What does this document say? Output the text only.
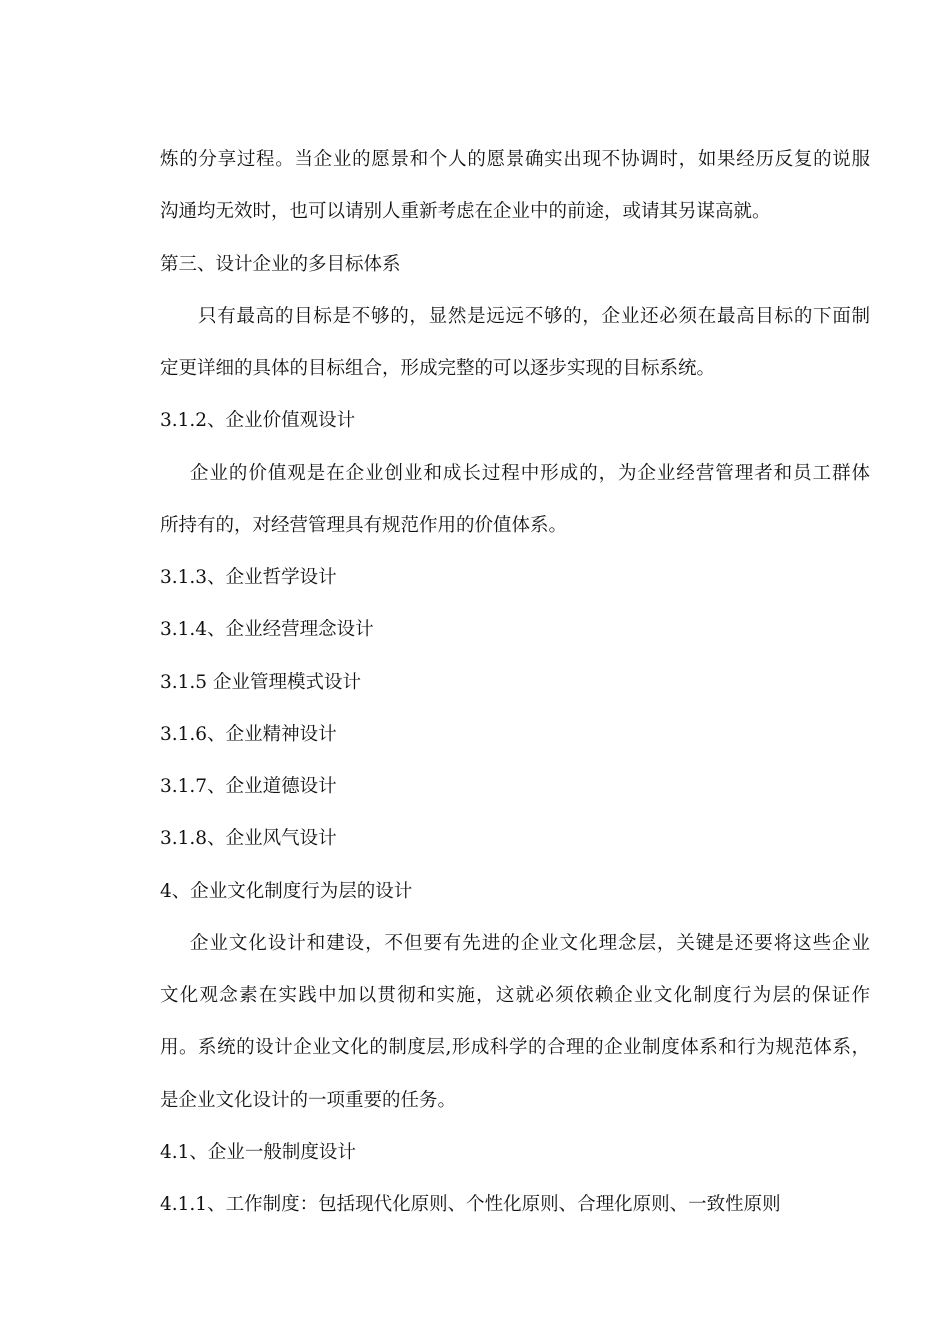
炼的分享过程。当企业的愿景和个人的愿景确实出现不协调时，如果经历反复的说服
沟通均无效时，也可以请别人重新考虑在企业中的前途，或请其另谋高就。
第三、设计企业的多目标体系
只有最高的目标是不够的，显然是远远不够的，企业还必须在最高目标的下面制
定更详细的具体的目标组合，形成完整的可以逐步实现的目标系统。
3.1.2、企业价值观设计
企业的价值观是在企业创业和成长过程中形成的，为企业经营管理者和员工群体
所持有的，对经营管理具有规范作用的价值体系。
3.1.3、企业哲学设计
3.1.4、企业经营理念设计
3.1.5 企业管理模式设计
3.1.6、企业精神设计
3.1.7、企业道德设计
3.1.8、企业风气设计
4、企业文化制度行为层的设计
企业文化设计和建设，不但要有先进的企业文化理念层，关键是还要将这些企业
文化观念素在实践中加以贯彻和实施，这就必须依赖企业文化制度行为层的保证作
用。系统的设计企业文化的制度层,形成科学的合理的企业制度体系和行为规范体系，
是企业文化设计的一项重要的任务。
4.1、企业一般制度设计
4.1.1、工作制度：包括现代化原则、个性化原则、合理化原则、一致性原则
